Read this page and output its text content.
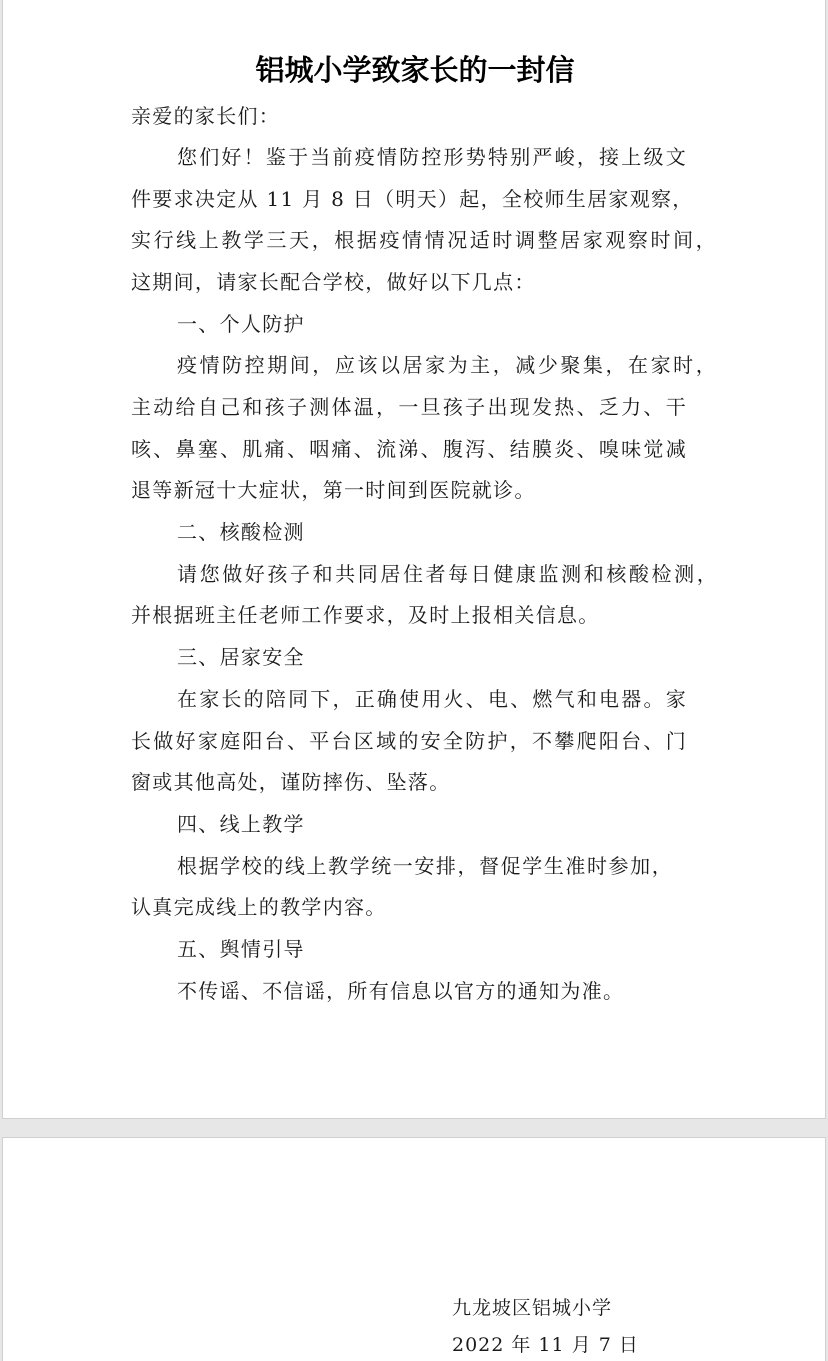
铝城小学致家长的一封信
亲爱的家长们：
您们好！鉴于当前疫情防控形势特别严峻，接上级文
件要求决定从 11 月 8 日（明天）起，全校师生居家观察，
实行线上教学三天，根据疫情情况适时调整居家观察时间，
这期间，请家长配合学校，做好以下几点：
一、个人防护
疫情防控期间，应该以居家为主，减少聚集，在家时，
主动给自己和孩子测体温，一旦孩子出现发热、乏力、干
咳、鼻塞、肌痛、咽痛、流涕、腹泻、结膜炎、嗅味觉减
退等新冠十大症状，第一时间到医院就诊。
二、核酸检测
请您做好孩子和共同居住者每日健康监测和核酸检测，
并根据班主任老师工作要求，及时上报相关信息。
三、居家安全
在家长的陪同下，正确使用火、电、燃气和电器。家
长做好家庭阳台、平台区域的安全防护，不攀爬阳台、门
窗或其他高处，谨防摔伤、坠落。
四、线上教学
根据学校的线上教学统一安排，督促学生准时参加，
认真完成线上的教学内容。
五、舆情引导
不传谣、不信谣，所有信息以官方的通知为准。
九龙坡区铝城小学
2022 年 11 月 7 日
